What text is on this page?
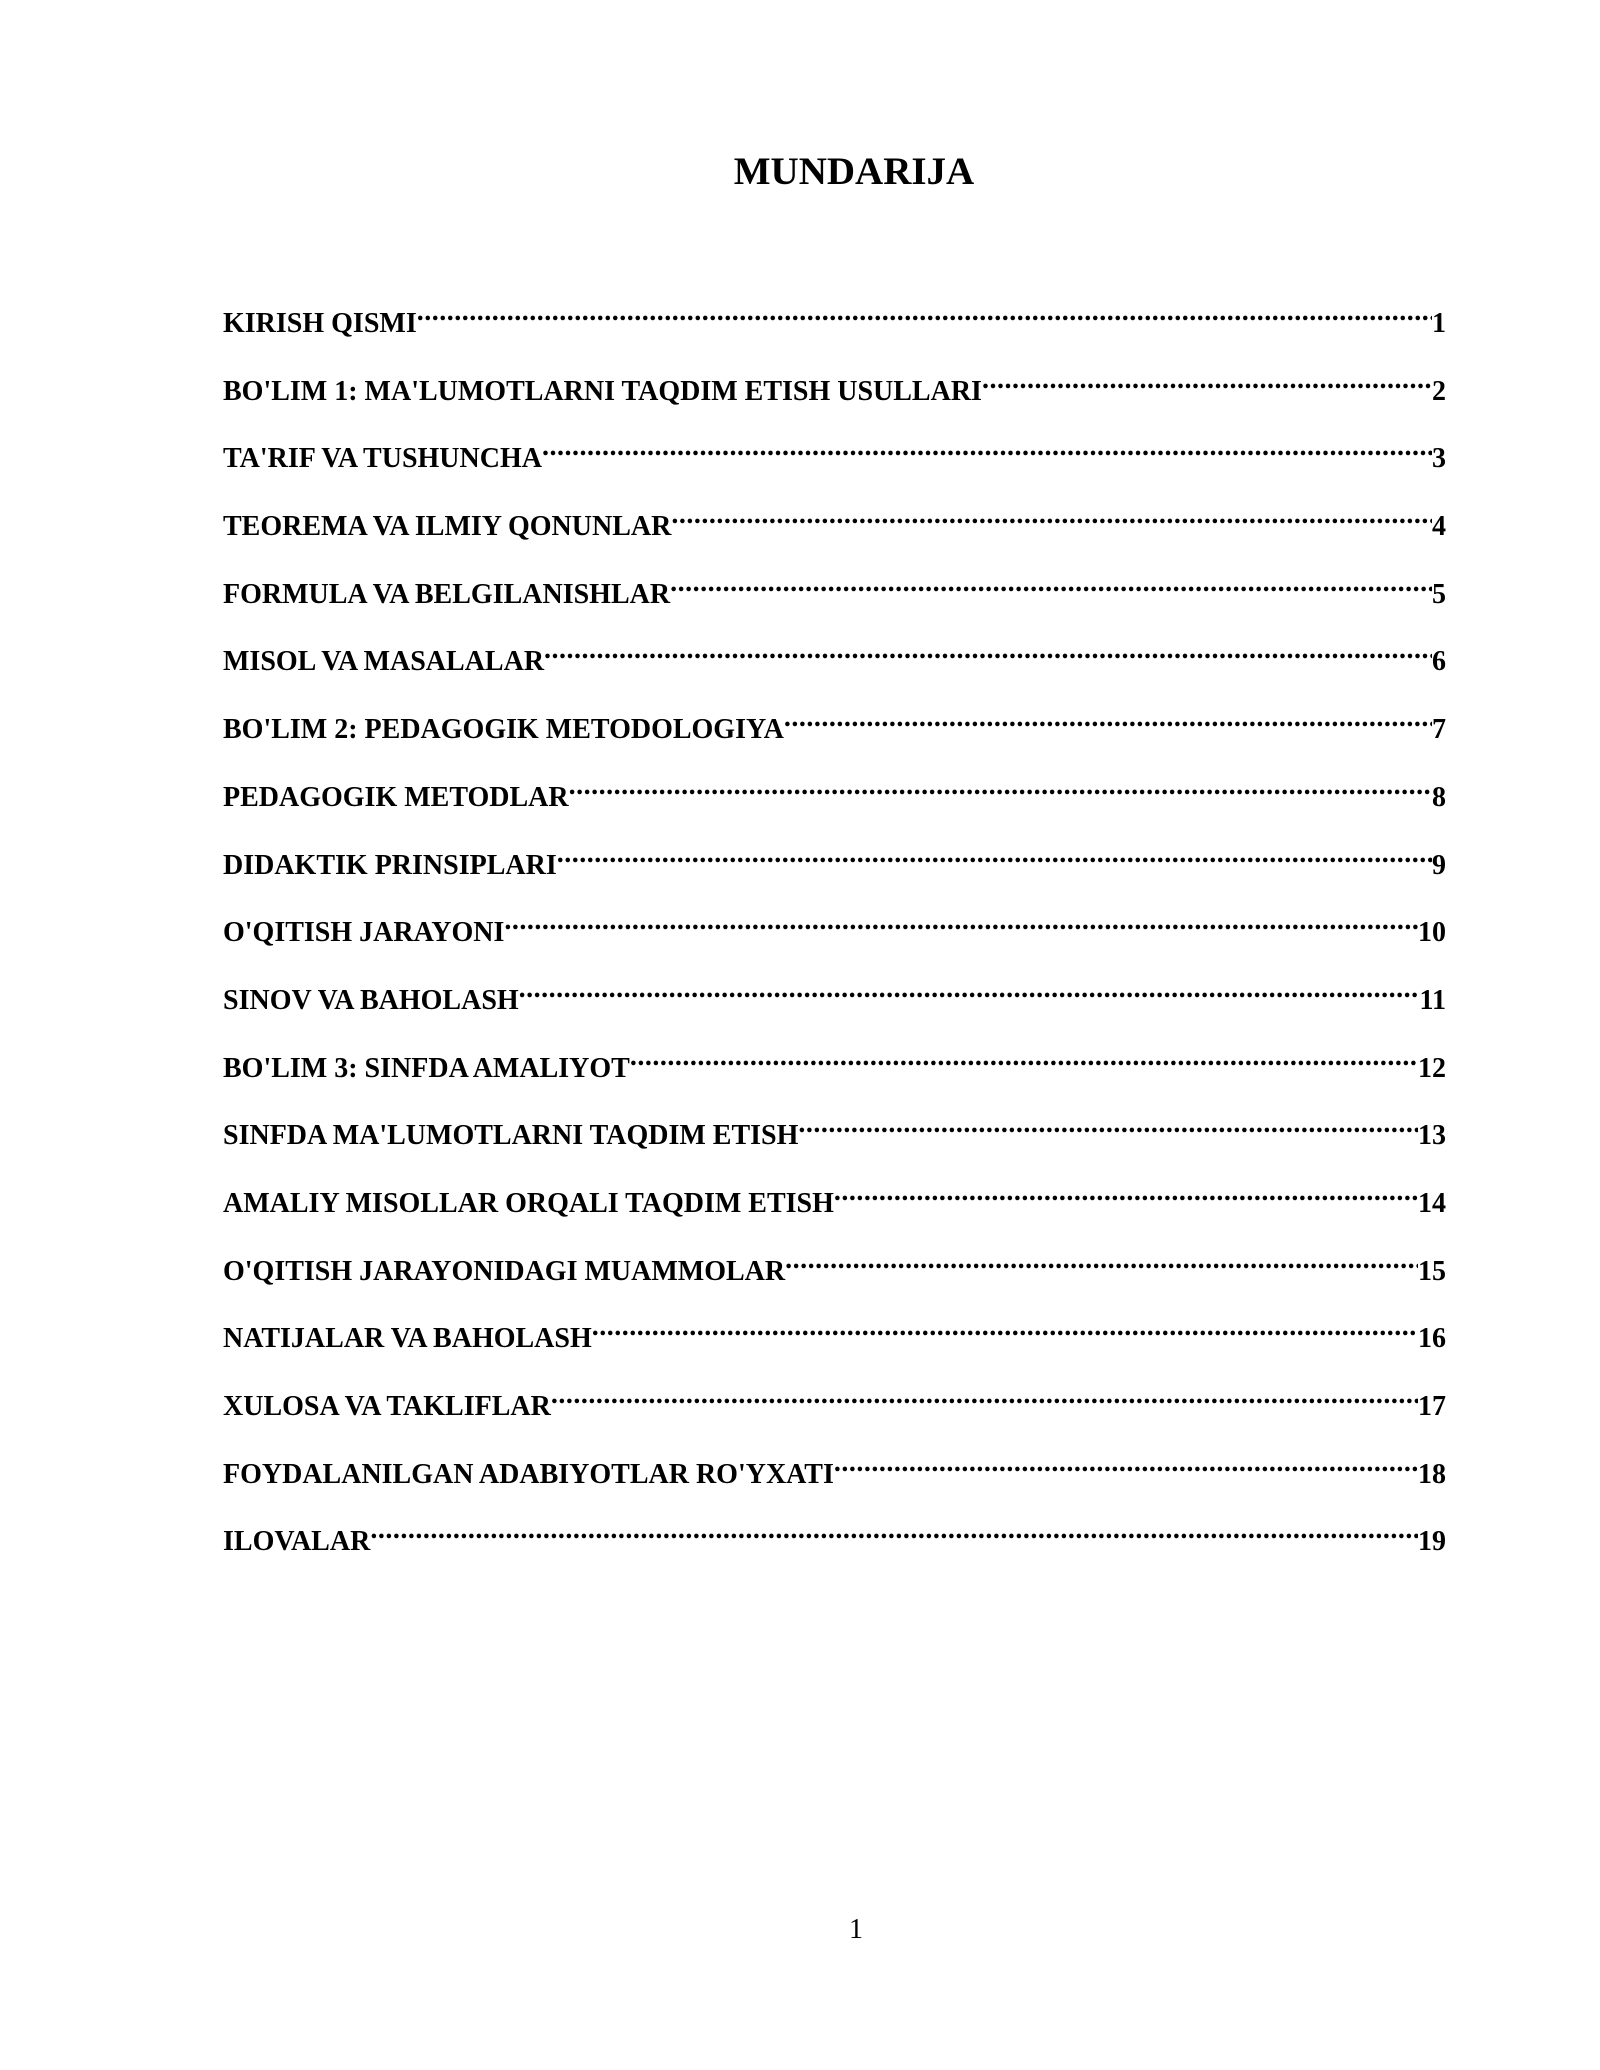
MUNDARIJA
KIRISH QISMI .....	1
BO'LIM 1: MA'LUMOTLARNI TAQDIM ETISH USULLARI .....	2
TA'RIF VA TUSHUNCHA .....	3
TEOREMA VA ILMIY QONUNLAR .....	4
FORMULA VA BELGILANISHLAR .....	5
MISOL VA MASALALAR .....	6
BO'LIM 2: PEDAGOGIK METODOLOGIYA .....	7
PEDAGOGIK METODLAR .....	8
DIDAKTIK PRINSIPLARI .....	9
O'QITISH JARAYONI .....	10
SINOV VA BAHOLASH .....	11
BO'LIM 3: SINFDA AMALIYOT .....	12
SINFDA MA'LUMOTLARNI TAQDIM ETISH .....	13
AMALIY MISOLLAR ORQALI TAQDIM ETISH .....	14
O'QITISH JARAYONIDAGI MUAMMOLAR .....	15
NATIJALAR VA BAHOLASH .....	16
XULOSA VA TAKLIFLAR .....	17
FOYDALANILGAN ADABIYOTLAR RO'YXATI .....	18
ILOVALAR .....	19
1
